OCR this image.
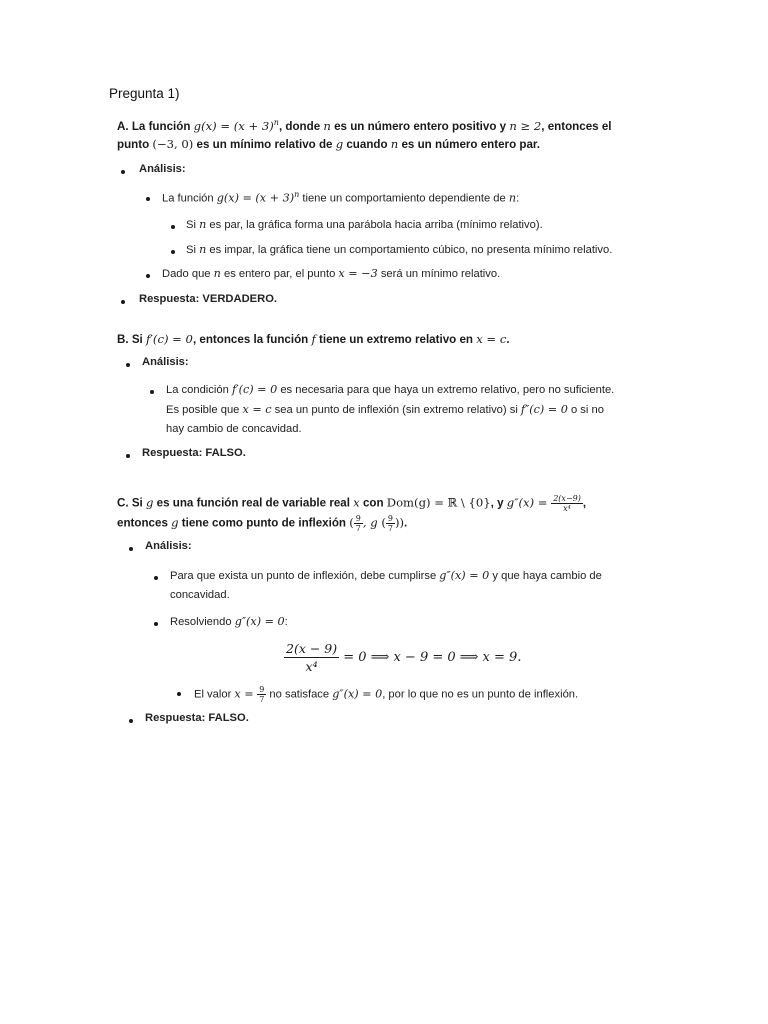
Pregunta 1)
A. La función $g(x) = (x + 3)^n$, donde n es un número entero positivo y n ≥ 2, entonces el
punto (−3, 0) es un mínimo relativo de g cuando n es un número entero par.
Análisis:
La función $g(x) = (x + 3)^n$ tiene un comportamiento dependiente de n:
Si n es par, la gráfica forma una parábola hacia arriba (mínimo relativo).
Si n es impar, la gráfica tiene un comportamiento cúbico, no presenta mínimo relativo.
Dado que n es entero par, el punto x = −3 será un mínimo relativo.
Respuesta: VERDADERO.
B. Si f′(c) = 0, entonces la función f tiene un extremo relativo en x = c.
Análisis:
La condición f′(c) = 0 es necesaria para que haya un extremo relativo, pero no suficiente.
Es posible que x = c sea un punto de inflexión (sin extremo relativo) si f″(c) = 0 o si no
hay cambio de concavidad.
Respuesta: FALSO.
C. Si g es una función real de variable real x con Dom(g) = ℝ \ {0}, y $g''(x) = \frac{2(x-9)}{\text{x⁴}}$ ,
entonces g tiene como punto de inflexión ( $\frac{9}{7}$ , g ( $\frac{9}{7}$ )).
Análisis:
Para que exista un punto de inflexión, debe cumplirse g″(x) = 0 y que haya cambio de
concavidad.
Resolviendo g″(x) = 0:
$\frac{2(x - 9)}{\text{x⁴}} = 0$ ⟹ x − 9 = 0 ⟹ x = 9.
El valor $x = \frac{9}{7}$ no satisface g″(x) = 0, por lo que no es un punto de inflexión.
Respuesta: FALSO.
